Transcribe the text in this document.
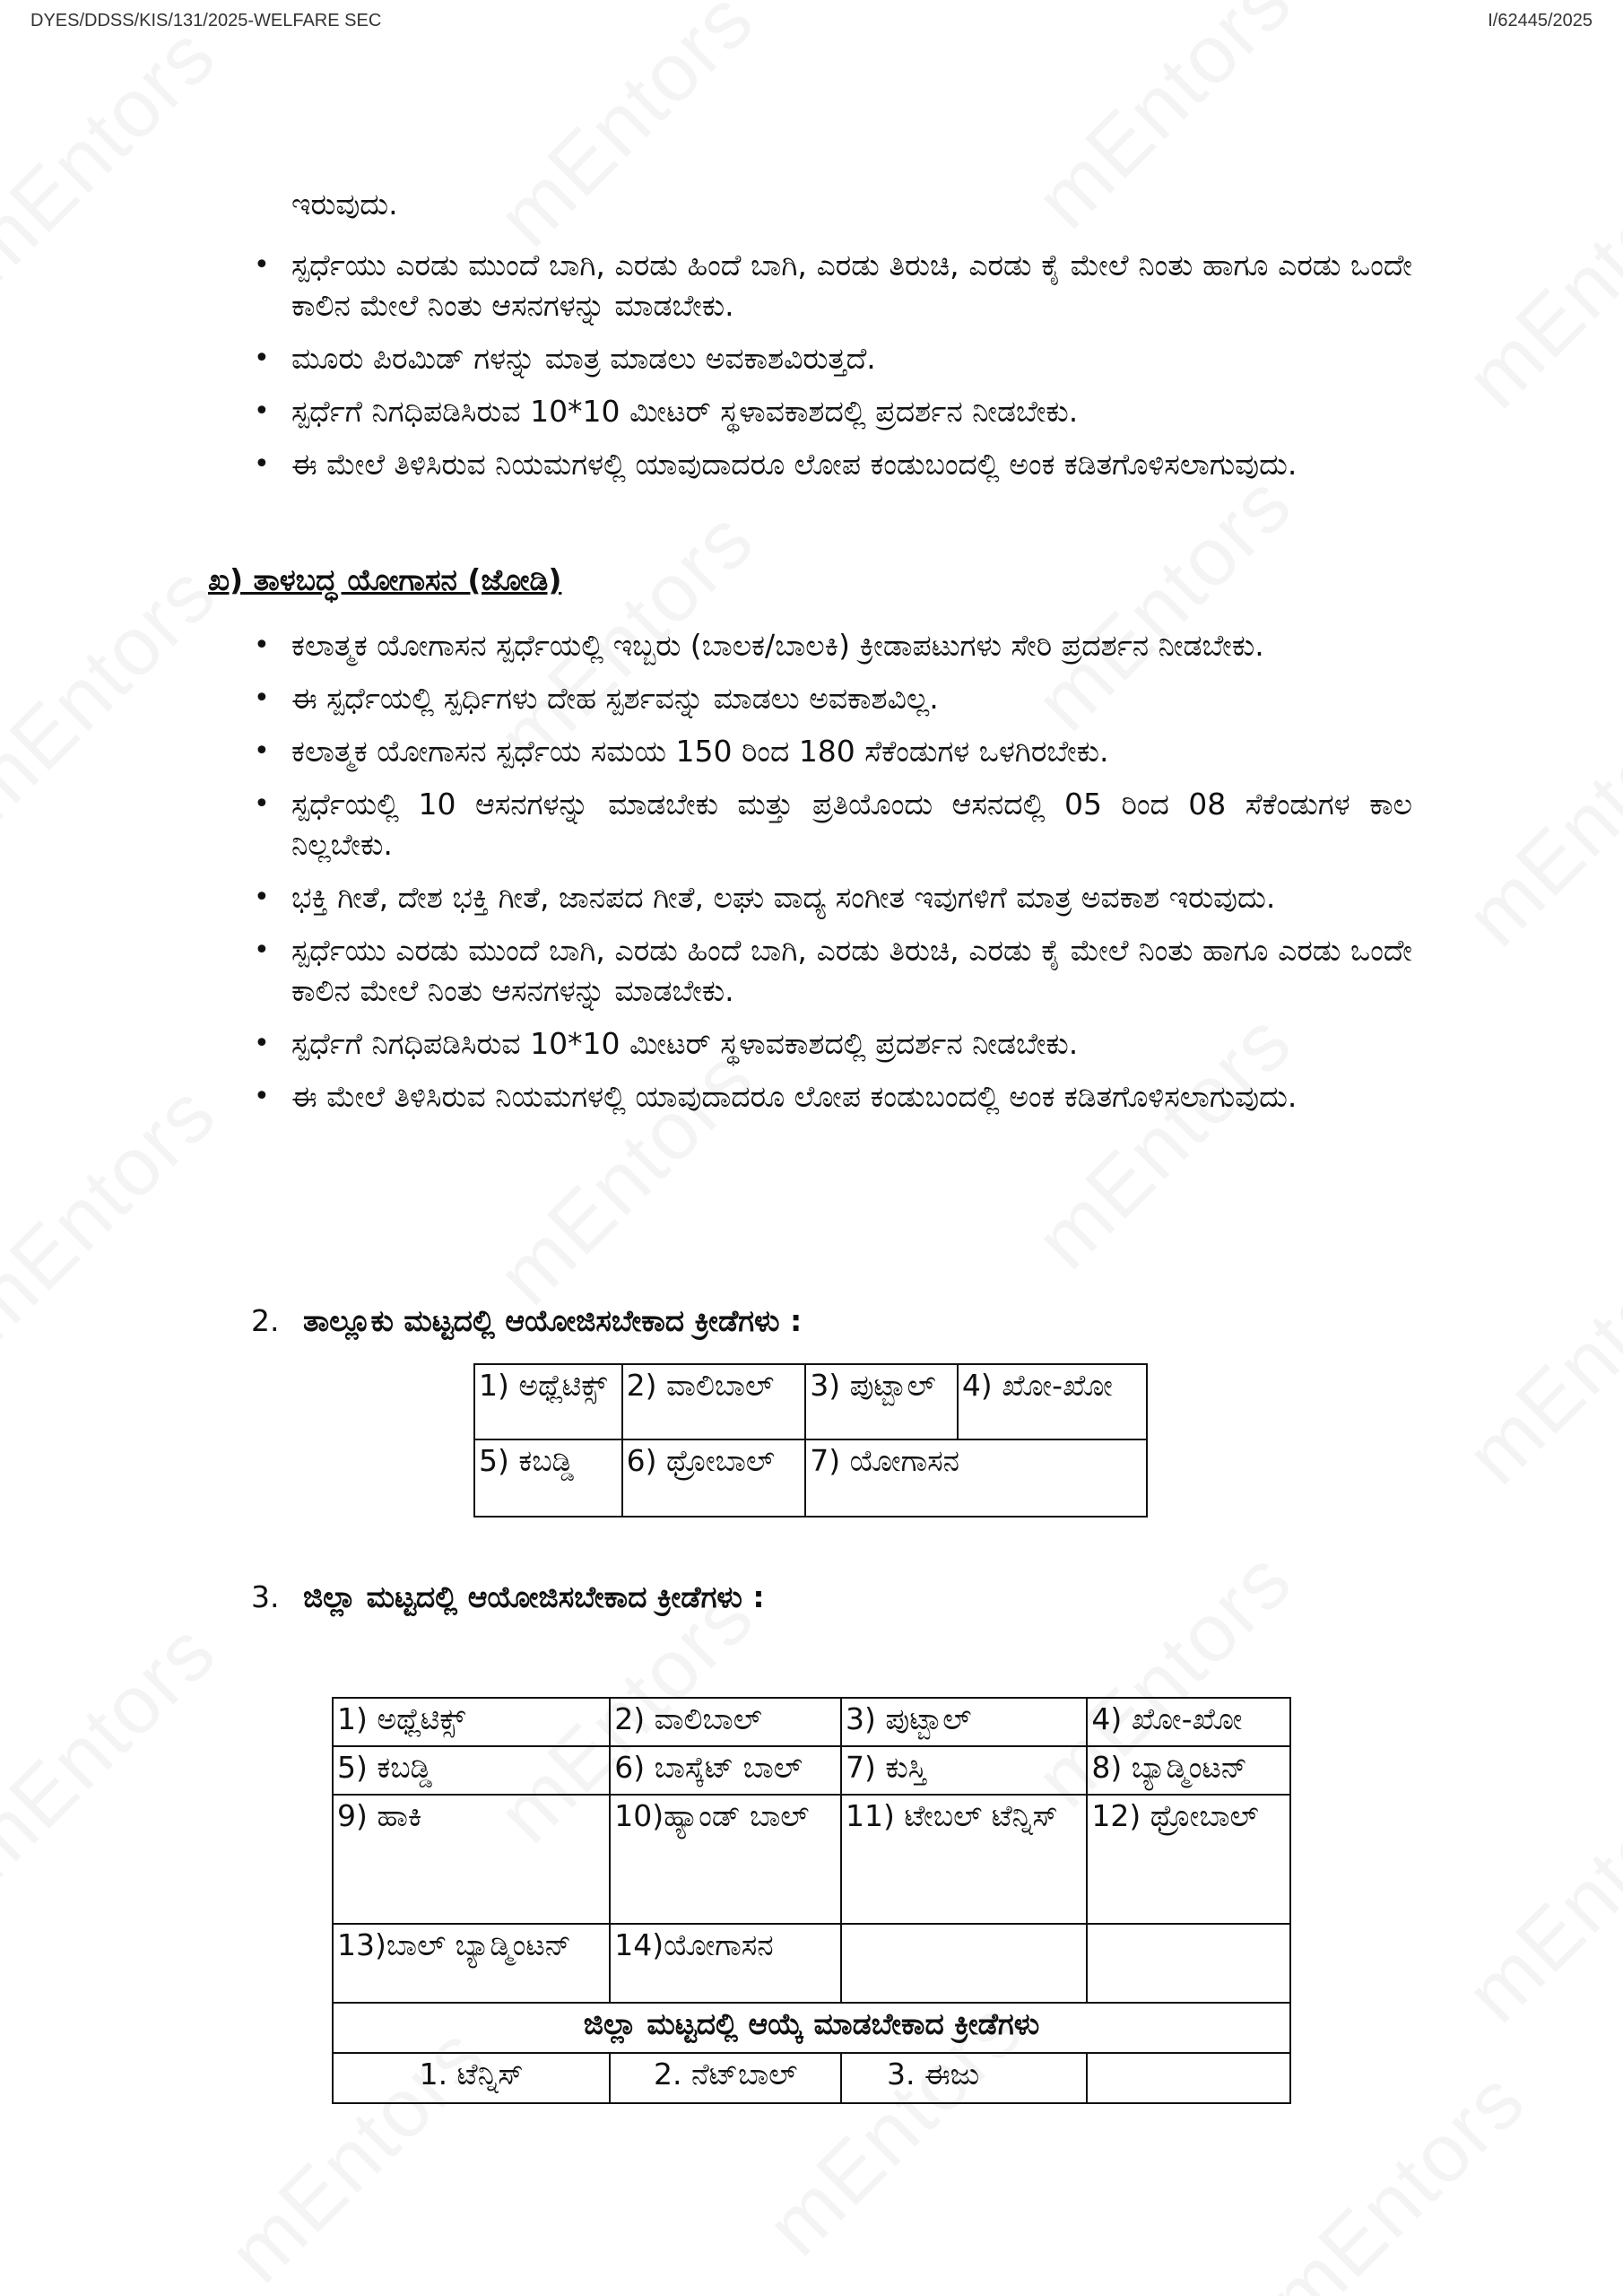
DYES/DDSS/KIS/131/2025-WELFARE SEC	I/62445/2025
ಇರುವುದು.
• ಸ್ಪರ್ಧೆಯು ಎರಡು ಮುಂದೆ ಬಾಗಿ, ಎರಡು ಹಿಂದೆ ಬಾಗಿ, ಎರಡು ತಿರುಚಿ, ಎರಡು ಕೈ ಮೇಲೆ ನಿಂತು ಹಾಗೂ ಎರಡು ಒಂದೇ ಕಾಲಿನ ಮೇಲೆ ನಿಂತು ಆಸನಗಳನ್ನು ಮಾಡಬೇಕು.
• ಮೂರು ಪಿರಮಿಡ್ ಗಳನ್ನು ಮಾತ್ರ ಮಾಡಲು ಅವಕಾಶವಿರುತ್ತದೆ.
• ಸ್ಪರ್ಧೆಗೆ ನಿಗಧಿಪಡಿಸಿರುವ 10*10 ಮೀಟರ್ ಸ್ಥಳಾವಕಾಶದಲ್ಲಿ ಪ್ರದರ್ಶನ ನೀಡಬೇಕು.
• ಈ ಮೇಲೆ ತಿಳಿಸಿರುವ ನಿಯಮಗಳಲ್ಲಿ ಯಾವುದಾದರೂ ಲೋಪ ಕಂಡುಬಂದಲ್ಲಿ ಅಂಕ ಕಡಿತಗೊಳಿಸಲಾಗುವುದು.
ಖ) ತಾಳಬದ್ಧ ಯೋಗಾಸನ (ಜೋಡಿ)
• ಕಲಾತ್ಮಕ ಯೋಗಾಸನ ಸ್ಪರ್ಧೆಯಲ್ಲಿ ಇಬ್ಬರು (ಬಾಲಕ/ಬಾಲಕಿ) ಕ್ರೀಡಾಪಟುಗಳು ಸೇರಿ ಪ್ರದರ್ಶನ ನೀಡಬೇಕು.
• ಈ ಸ್ಪರ್ಧೆಯಲ್ಲಿ ಸ್ಪರ್ಧಿಗಳು ದೇಹ ಸ್ಪರ್ಶವನ್ನು ಮಾಡಲು ಅವಕಾಶವಿಲ್ಲ.
• ಕಲಾತ್ಮಕ ಯೋಗಾಸನ ಸ್ಪರ್ಧೆಯ ಸಮಯ 150 ರಿಂದ 180 ಸೆಕೆಂಡುಗಳ ಒಳಗಿರಬೇಕು.
• ಸ್ಪರ್ಧೆಯಲ್ಲಿ 10 ಆಸನಗಳನ್ನು ಮಾಡಬೇಕು ಮತ್ತು ಪ್ರತಿಯೊಂದು ಆಸನದಲ್ಲಿ 05 ರಿಂದ 08 ಸೆಕೆಂಡುಗಳ ಕಾಲ ನಿಲ್ಲಬೇಕು.
• ಭಕ್ತಿ ಗೀತೆ, ದೇಶ ಭಕ್ತಿ ಗೀತೆ, ಜಾನಪದ ಗೀತೆ, ಲಘು ವಾದ್ಯ ಸಂಗೀತ ಇವುಗಳಿಗೆ ಮಾತ್ರ ಅವಕಾಶ ಇರುವುದು.
• ಸ್ಪರ್ಧೆಯು ಎರಡು ಮುಂದೆ ಬಾಗಿ, ಎರಡು ಹಿಂದೆ ಬಾಗಿ, ಎರಡು ತಿರುಚಿ, ಎರಡು ಕೈ ಮೇಲೆ ನಿಂತು ಹಾಗೂ ಎರಡು ಒಂದೇ ಕಾಲಿನ ಮೇಲೆ ನಿಂತು ಆಸನಗಳನ್ನು ಮಾಡಬೇಕು.
• ಸ್ಪರ್ಧೆಗೆ ನಿಗಧಿಪಡಿಸಿರುವ 10*10 ಮೀಟರ್ ಸ್ಥಳಾವಕಾಶದಲ್ಲಿ ಪ್ರದರ್ಶನ ನೀಡಬೇಕು.
• ಈ ಮೇಲೆ ತಿಳಿಸಿರುವ ನಿಯಮಗಳಲ್ಲಿ ಯಾವುದಾದರೂ ಲೋಪ ಕಂಡುಬಂದಲ್ಲಿ ಅಂಕ ಕಡಿತಗೊಳಿಸಲಾಗುವುದು.
2. ತಾಲ್ಲೂಕು ಮಟ್ಟದಲ್ಲಿ ಆಯೋಜಿಸಬೇಕಾದ ಕ್ರೀಡೆಗಳು :
1) ಅಥ್ಲೆಟಿಕ್ಸ್	2) ವಾಲಿಬಾಲ್	3) ಪುಟ್ಬಾಲ್	4) ಖೋ-ಖೋ
5) ಕಬಡ್ಡಿ	6) ಥ್ರೋಬಾಲ್	7) ಯೋಗಾಸನ	
3. ಜಿಲ್ಲಾ ಮಟ್ಟದಲ್ಲಿ ಆಯೋಜಿಸಬೇಕಾದ ಕ್ರೀಡೆಗಳು :
1) ಅಥ್ಲೆಟಿಕ್ಸ್	2) ವಾಲಿಬಾಲ್	3) ಪುಟ್ಬಾಲ್	4) ಖೋ-ಖೋ
5) ಕಬಡ್ಡಿ	6) ಬಾಸ್ಕೆಟ್ ಬಾಲ್	7) ಕುಸ್ತಿ	8) ಬ್ಯಾಡ್ಮಿಂಟನ್
9) ಹಾಕಿ	10)ಹ್ಯಾಂಡ್ ಬಾಲ್	11) ಟೇಬಲ್ ಟೆನ್ನಿಸ್	12) ಥ್ರೋಬಾಲ್
13)ಬಾಲ್ ಬ್ಯಾಡ್ಮಿಂಟನ್	14)ಯೋಗಾಸನ		
ಜಿಲ್ಲಾ ಮಟ್ಟದಲ್ಲಿ ಆಯ್ಕೆ ಮಾಡಬೇಕಾದ ಕ್ರೀಡೆಗಳು			
1. ಟೆನ್ನಿಸ್	2. ನೆಟ್‌ಬಾಲ್	3. ಈಜು	
